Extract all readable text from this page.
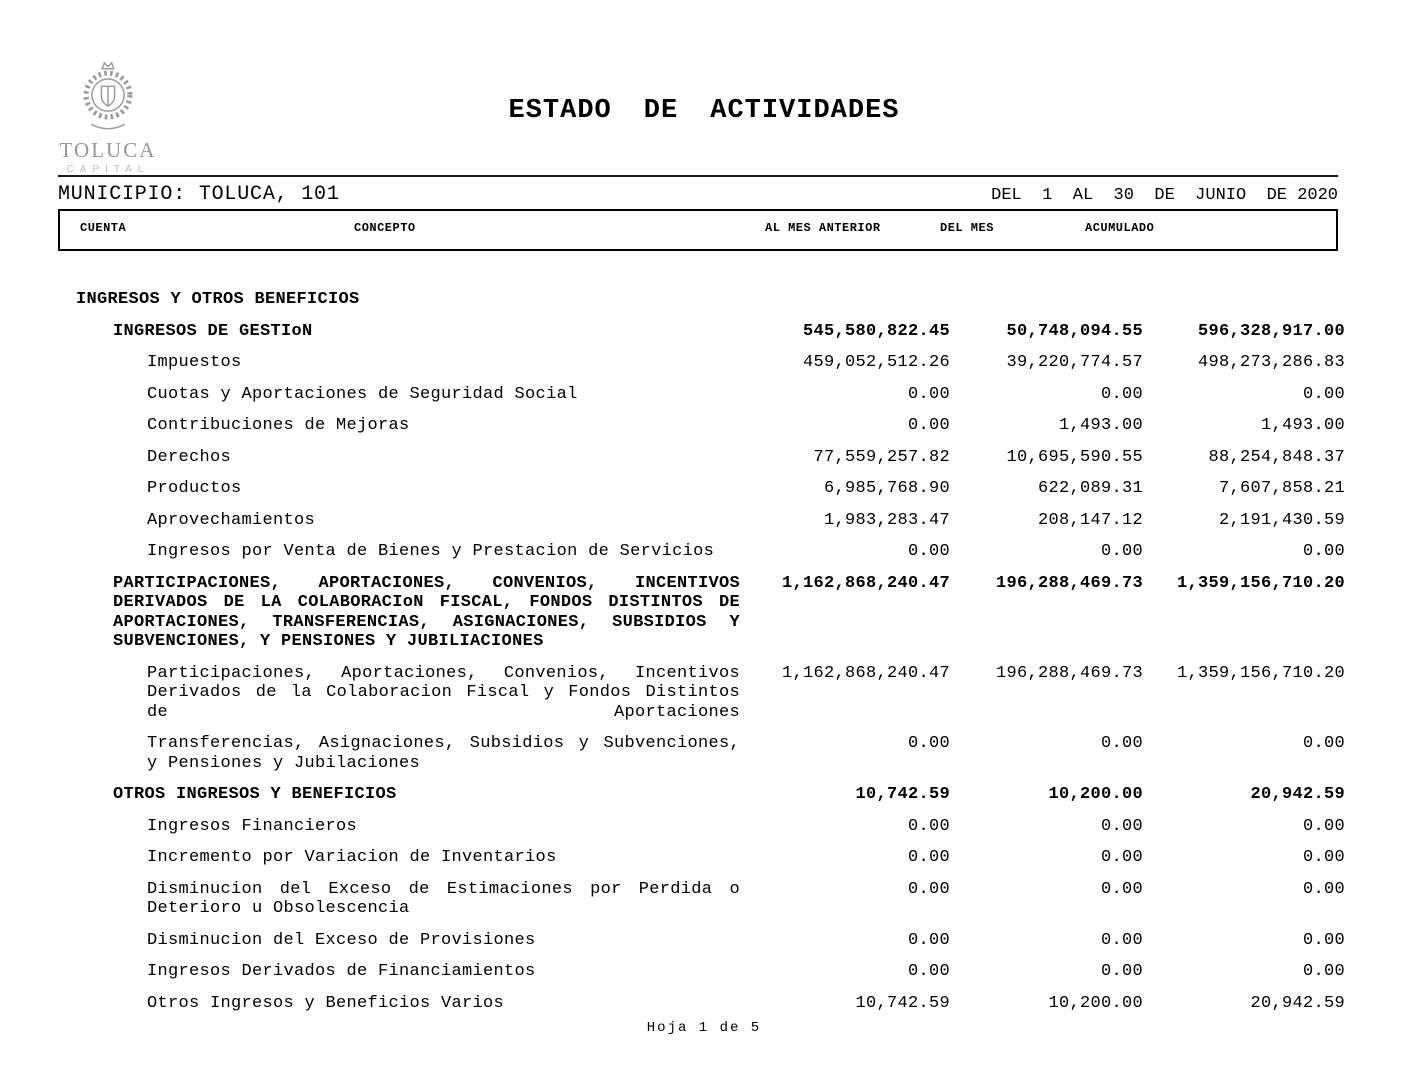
TOLUCA
CAPITAL
ESTADO DE ACTIVIDADES
MUNICIPIO: TOLUCA, 101	DEL  1  AL  30  DE  JUNIO  DE 2020
CUENTA	CONCEPTO	AL MES ANTERIOR	DEL MES	ACUMULADO
INGRESOS Y OTROS BENEFICIOS
INGRESOS DE GESTIoN	545,580,822.45	50,748,094.55	596,328,917.00
Impuestos	459,052,512.26	39,220,774.57	498,273,286.83
Cuotas y Aportaciones de Seguridad Social	0.00	0.00	0.00
Contribuciones de Mejoras	0.00	1,493.00	1,493.00
Derechos	77,559,257.82	10,695,590.55	88,254,848.37
Productos	6,985,768.90	622,089.31	7,607,858.21
Aprovechamientos	1,983,283.47	208,147.12	2,191,430.59
Ingresos por Venta de Bienes y Prestacion de Servicios	0.00	0.00	0.00
PARTICIPACIONES, APORTACIONES, CONVENIOS, INCENTIVOS
DERIVADOS DE LA COLABORACIoN FISCAL, FONDOS DISTINTOS DE
APORTACIONES, TRANSFERENCIAS, ASIGNACIONES, SUBSIDIOS Y
SUBVENCIONES, Y PENSIONES Y JUBILIACIONES
1,162,868,240.47	196,288,469.73	1,359,156,710.20
Participaciones, Aportaciones, Convenios, Incentivos
Derivados de la Colaboracion Fiscal y Fondos Distintos
de Aportaciones
1,162,868,240.47	196,288,469.73	1,359,156,710.20
Transferencias, Asignaciones, Subsidios y Subvenciones,
y Pensiones y Jubilaciones
0.00	0.00	0.00
OTROS INGRESOS Y BENEFICIOS	10,742.59	10,200.00	20,942.59
Ingresos Financieros	0.00	0.00	0.00
Incremento por Variacion de Inventarios	0.00	0.00	0.00
Disminucion del Exceso de Estimaciones por Perdida o
Deterioro u Obsolescencia
0.00	0.00	0.00
Disminucion del Exceso de Provisiones	0.00	0.00	0.00
Ingresos Derivados de Financiamientos	0.00	0.00	0.00
Otros Ingresos y Beneficios Varios	10,742.59	10,200.00	20,942.59
Hoja 1 de 5
